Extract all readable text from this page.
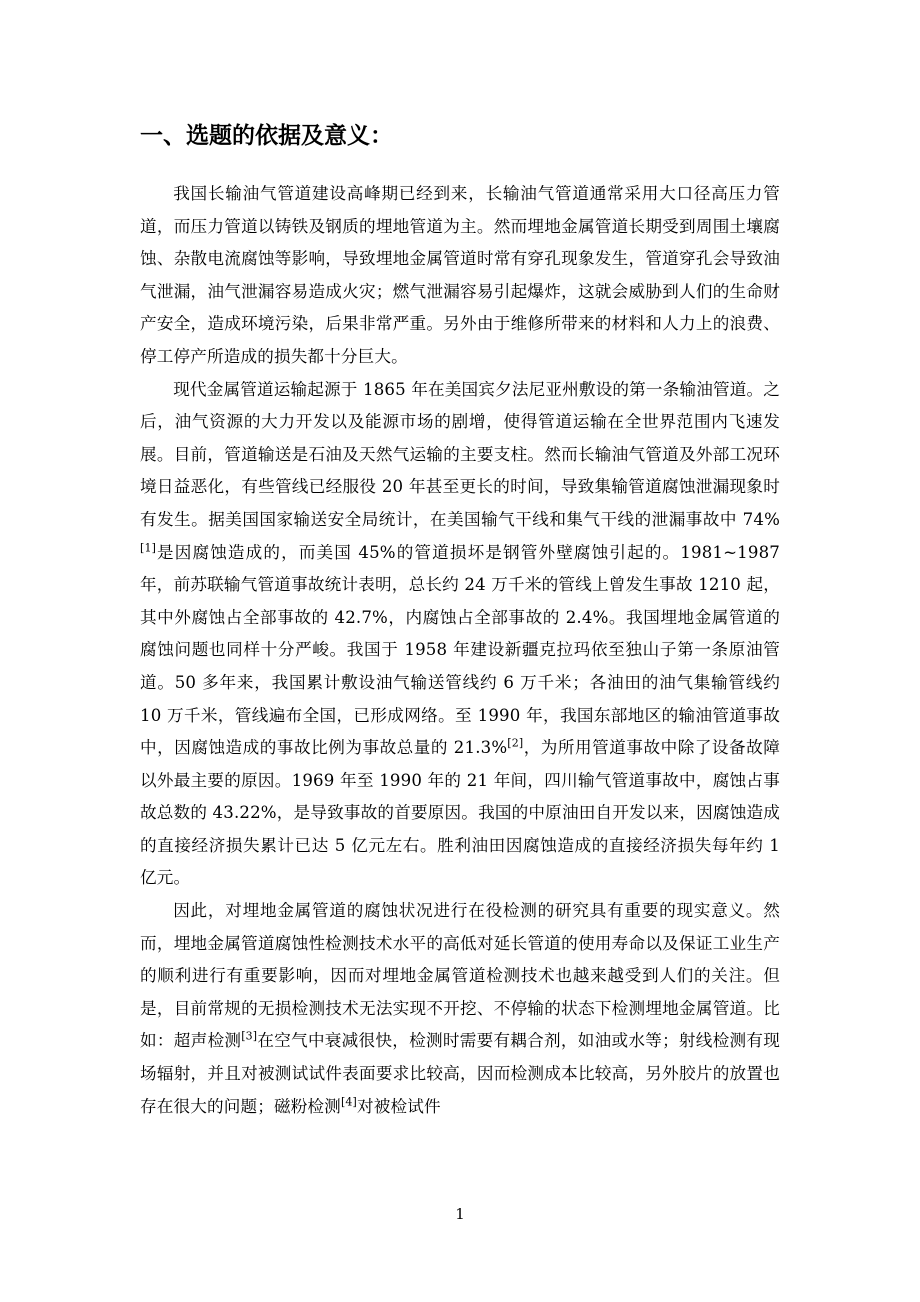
一、选题的依据及意义：

我国长输油气管道建设高峰期已经到来，长输油气管道通常采用大口径高压力管道，而压力管道以铸铁及钢质的埋地管道为主。然而埋地金属管道长期受到周围土壤腐蚀、杂散电流腐蚀等影响，导致埋地金属管道时常有穿孔现象发生，管道穿孔会导致油气泄漏，油气泄漏容易造成火灾；燃气泄漏容易引起爆炸，这就会威胁到人们的生命财产安全，造成环境污染，后果非常严重。另外由于维修所带来的材料和人力上的浪费、停工停产所造成的损失都十分巨大。

现代金属管道运输起源于 1865 年在美国宾夕法尼亚州敷设的第一条输油管道。之后，油气资源的大力开发以及能源市场的剧增，使得管道运输在全世界范围内飞速发展。目前，管道输送是石油及天然气运输的主要支柱。然而长输油气管道及外部工况环境日益恶化，有些管线已经服役 20 年甚至更长的时间，导致集输管道腐蚀泄漏现象时有发生。据美国国家输送安全局统计，在美国输气干线和集气干线的泄漏事故中 74%[1]是因腐蚀造成的，而美国 45%的管道损坏是钢管外壁腐蚀引起的。1981~1987 年，前苏联输气管道事故统计表明，总长约 24 万千米的管线上曾发生事故 1210 起，其中外腐蚀占全部事故的 42.7%，内腐蚀占全部事故的 2.4%。我国埋地金属管道的腐蚀问题也同样十分严峻。我国于 1958 年建设新疆克拉玛依至独山子第一条原油管道。50 多年来，我国累计敷设油气输送管线约 6 万千米；各油田的油气集输管线约 10 万千米，管线遍布全国，已形成网络。至 1990 年，我国东部地区的输油管道事故中，因腐蚀造成的事故比例为事故总量的 21.3%[2]，为所用管道事故中除了设备故障以外最主要的原因。1969 年至 1990 年的 21 年间，四川输气管道事故中，腐蚀占事故总数的 43.22%，是导致事故的首要原因。我国的中原油田自开发以来，因腐蚀造成的直接经济损失累计已达 5 亿元左右。胜利油田因腐蚀造成的直接经济损失每年约 1 亿元。

因此，对埋地金属管道的腐蚀状况进行在役检测的研究具有重要的现实意义。然而，埋地金属管道腐蚀性检测技术水平的高低对延长管道的使用寿命以及保证工业生产的顺利进行有重要影响，因而对埋地金属管道检测技术也越来越受到人们的关注。但是，目前常规的无损检测技术无法实现不开挖、不停输的状态下检测埋地金属管道。比如：超声检测[3]在空气中衰减很快，检测时需要有耦合剂，如油或水等；射线检测有现场辐射，并且对被测试试件表面要求比较高，因而检测成本比较高，另外胶片的放置也存在很大的问题；磁粉检测[4]对被检试件

1
